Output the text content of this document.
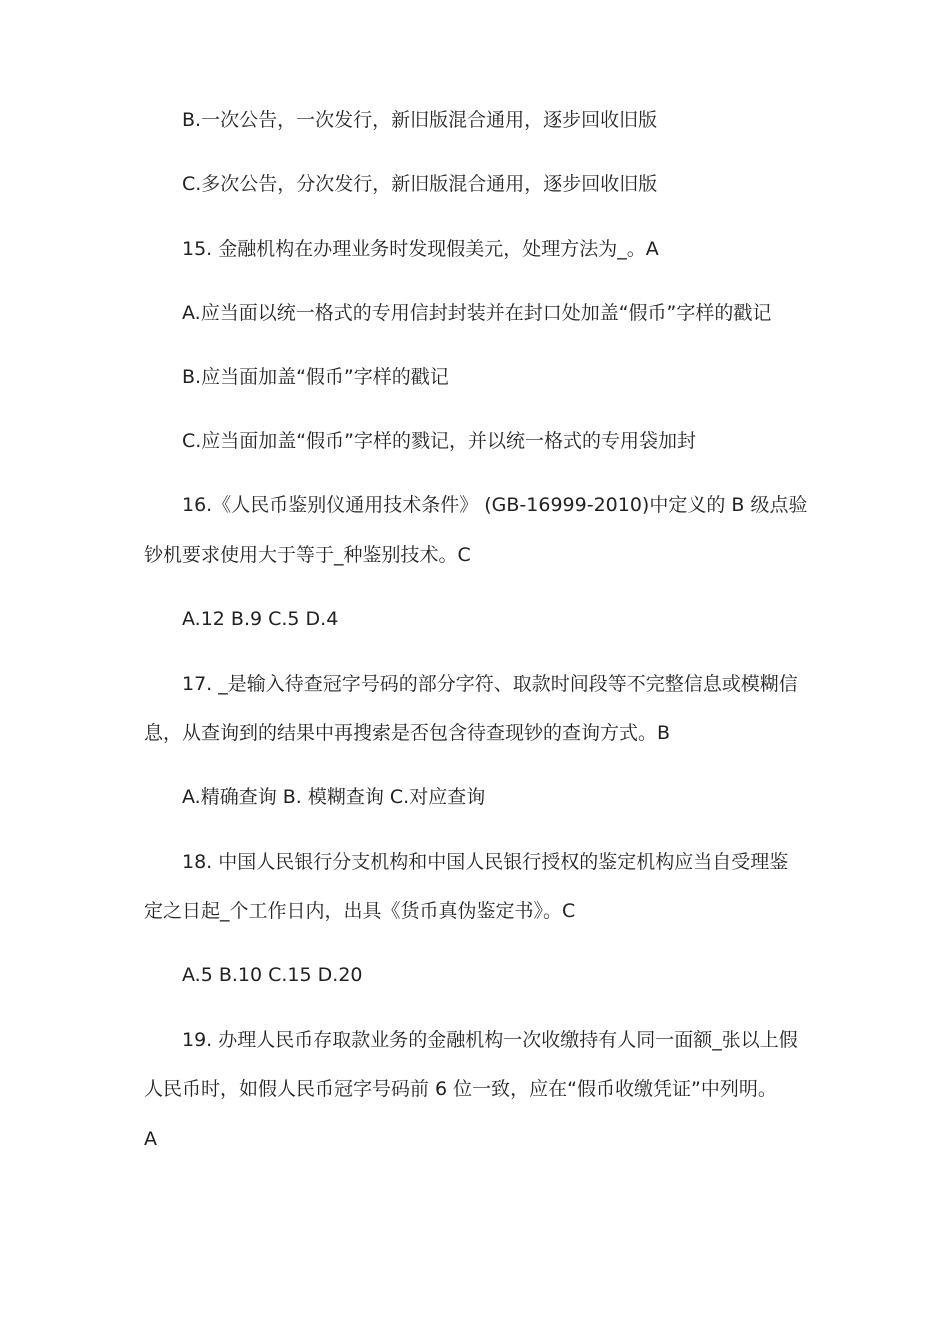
B.一次公告，一次发行，新旧版混合通用，逐步回收旧版
C.多次公告，分次发行，新旧版混合通用，逐步回收旧版
15. 金融机构在办理业务时发现假美元，处理方法为_。A
A.应当面以统一格式的专用信封封装并在封口处加盖“假币”字样的戳记
B.应当面加盖“假币”字样的戳记
C.应当面加盖“假币”字样的戮记，并以统一格式的专用袋加封
16.《人民币鉴别仪通用技术条件》 (GB-16999-2010)中定义的 B 级点验
钞机要求使用大于等于_种鉴别技术。C
A.12 B.9 C.5 D.4
17. _是输入待查冠字号码的部分字符、取款时间段等不完整信息或模糊信
息，从查询到的结果中再搜索是否包含待查现钞的查询方式。B
A.精确查询 B. 模糊查询 C.对应查询
18. 中国人民银行分支机构和中国人民银行授权的鉴定机构应当自受理鉴
定之日起_个工作日内，出具《货币真伪鉴定书》。C
A.5 B.10 C.15 D.20
19. 办理人民币存取款业务的金融机构一次收缴持有人同一面额_张以上假
人民币时，如假人民币冠字号码前 6 位一致，应在“假币收缴凭证”中列明。
A
